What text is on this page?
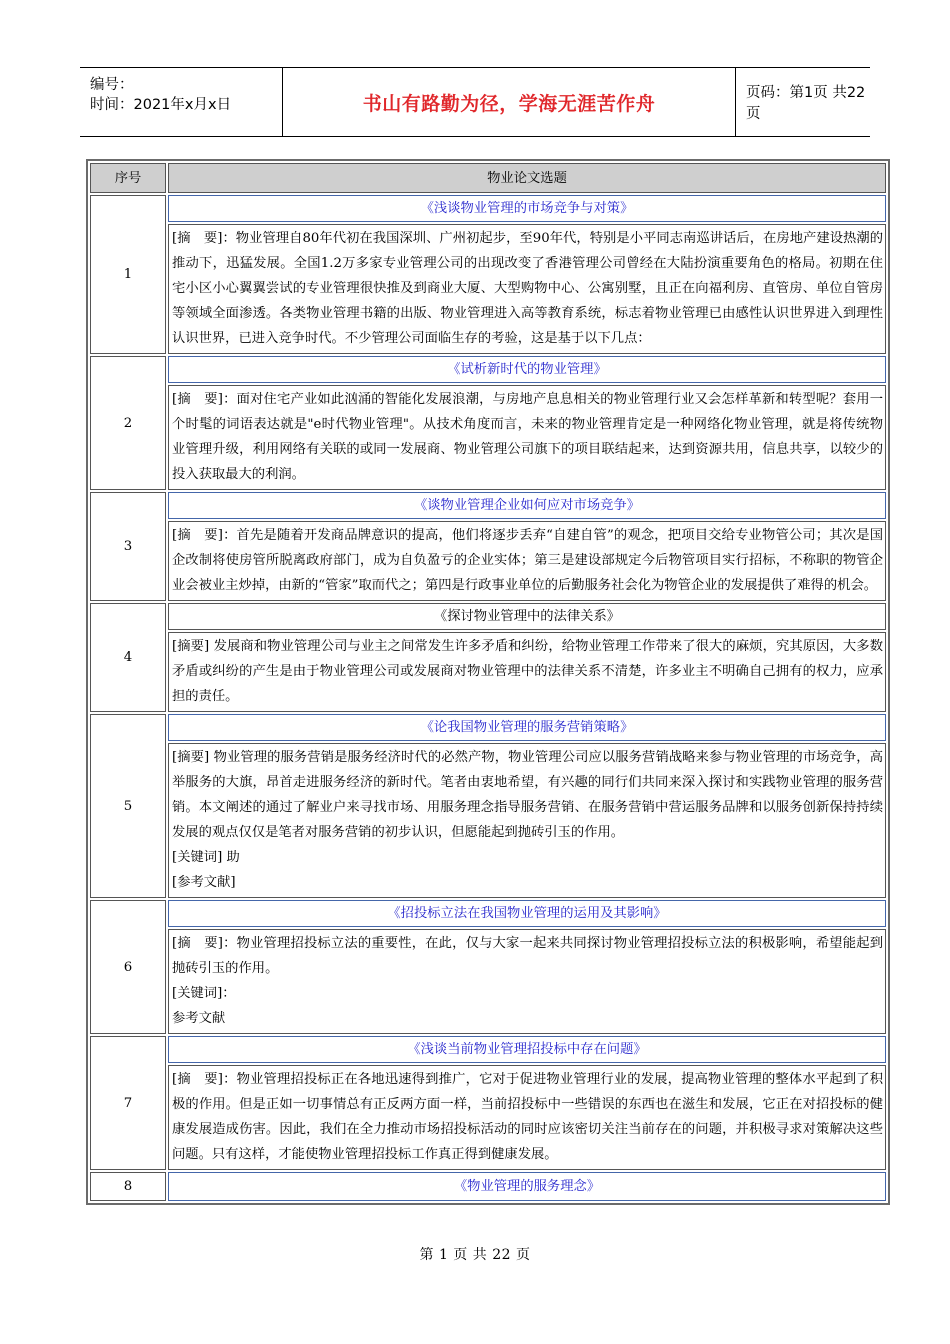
编号：
时间：2021年x月x日	书山有路勤为径，学海无涯苦作舟	页码：第1页 共22页
序号	物业论文选题
1	《浅谈物业管理的市场竞争与对策》

	[摘　要]：物业管理自80年代初在我国深圳、广州初起步，至90年代，特别是小平同志南巡讲话后，在房地产建设热潮的推动下，迅猛发展。全国1.2万多家专业管理公司的出现改变了香港管理公司曾经在大陆扮演重要角色的格局。初期在住宅小区小心翼翼尝试的专业管理很快推及到商业大厦、大型购物中心、公寓别墅，且正在向福利房、直管房、单位自管房等领域全面渗透。各类物业管理书籍的出版、物业管理进入高等教育系统，标志着物业管理已由感性认识世界进入到理性认识世界，已进入竞争时代。不少管理公司面临生存的考验，这是基于以下几点：

2	《试析新时代的物业管理》

	[摘　要]：面对住宅产业如此汹涌的智能化发展浪潮，与房地产息息相关的物业管理行业又会怎样革新和转型呢？套用一个时髦的词语表达就是"e时代物业管理"。从技术角度而言，未来的物业管理肯定是一种网络化物业管理，就是将传统物业管理升级，利用网络有关联的或同一发展商、物业管理公司旗下的项目联结起来，达到资源共用，信息共享，以较少的投入获取最大的利润。

3	《谈物业管理企业如何应对市场竞争》

	[摘　要]：首先是随着开发商品牌意识的提高，他们将逐步丢弃“自建自管”的观念，把项目交给专业物管公司；其次是国企改制将使房管所脱离政府部门，成为自负盈亏的企业实体；第三是建设部规定今后物管项目实行招标，不称职的物管企业会被业主炒掉，由新的“管家”取而代之；第四是行政事业单位的后勤服务社会化为物管企业的发展提供了难得的机会。

4	《探讨物业管理中的法律关系》

	[摘要] 发展商和物业管理公司与业主之间常发生许多矛盾和纠纷，给物业管理工作带来了很大的麻烦，究其原因，大多数矛盾或纠纷的产生是由于物业管理公司或发展商对物业管理中的法律关系不清楚，许多业主不明确自己拥有的权力，应承担的责任。

5	《论我国物业管理的服务营销策略》

	[摘要] 物业管理的服务营销是服务经济时代的必然产物，物业管理公司应以服务营销战略来参与物业管理的市场竞争，高举服务的大旗，昂首走进服务经济的新时代。笔者由衷地希望，有兴趣的同行们共同来深入探讨和实践物业管理的服务营销。本文阐述的通过了解业户来寻找市场、用服务理念指导服务营销、在服务营销中营运服务品牌和以服务创新保持持续发展的观点仅仅是笔者对服务营销的初步认识，但愿能起到抛砖引玉的作用。

[关键词] 助

[参考文献]

6	《招投标立法在我国物业管理的运用及其影响》

	[摘　要]：物业管理招投标立法的重要性，在此，仅与大家一起来共同探讨物业管理招投标立法的积极影响，希望能起到抛砖引玉的作用。

[关键词]：

参考文献

7	《浅谈当前物业管理招投标中存在问题》

	[摘　要]：物业管理招投标正在各地迅速得到推广，它对于促进物业管理行业的发展，提高物业管理的整体水平起到了积极的作用。但是正如一切事情总有正反两方面一样，当前招投标中一些错误的东西也在滋生和发展，它正在对招投标的健康发展造成伤害。因此，我们在全力推动市场招投标活动的同时应该密切关注当前存在的问题，并积极寻求对策解决这些问题。只有这样，才能使物业管理招投标工作真正得到健康发展。

8	《物业管理的服务理念》
第 1 页 共 22 页
